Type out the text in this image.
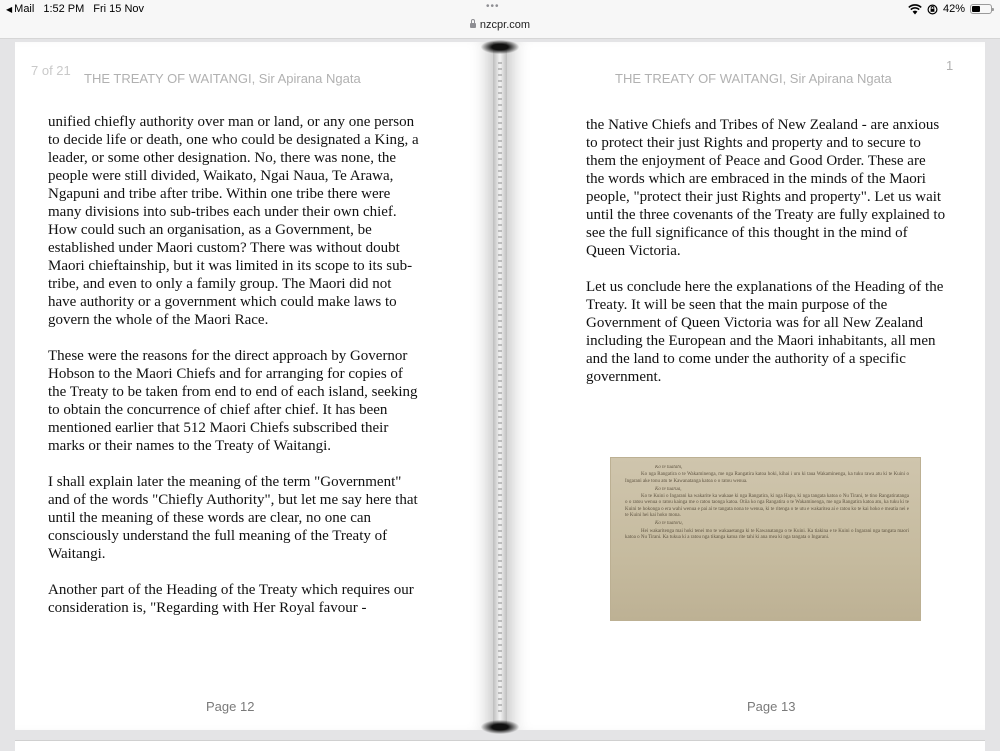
◀ Mail 1:52 PM Fri 15 Nov	•••
nzcpr.com
42%
7 of 21
THE TREATY OF WAITANGI, Sir Apirana Ngata	THE TREATY OF WAITANGI, Sir Apirana Ngata
1

unified chiefly authority over man or land, or any one person to decide life or death, one who could be designated a King, a leader, or some other designation. No, there was none, the people were still divided, Waikato, Ngai Naua, Te Arawa, Ngapuni and tribe after tribe. Within one tribe there were many divisions into sub-tribes each under their own chief. How could such an organisation, as a Government, be established under Maori custom? There was without doubt Maori chieftainship, but it was limited in its scope to its sub-tribe, and even to only a family group. The Maori did not have authority or a government which could make laws to govern the whole of the Maori Race.

These were the reasons for the direct approach by Governor Hobson to the Maori Chiefs and for arranging for copies of the Treaty to be taken from end to end of each island, seeking to obtain the concurrence of chief after chief. It has been mentioned earlier that 512 Maori Chiefs subscribed their marks or their names to the Treaty of Waitangi.

I shall explain later the meaning of the term "Government" and of the words "Chiefly Authority", but let me say here that until the meaning of these words are clear, no one can consciously understand the full meaning of the Treaty of Waitangi.

Another part of the Heading of the Treaty which requires our consideration is, "Regarding with Her Royal favour -

the Native Chiefs and Tribes of New Zealand - are anxious to protect their just Rights and property and to secure to them the enjoyment of Peace and Good Order. These are the words which are embraced in the minds of the Maori people, "protect their just Rights and property". Let us wait until the three covenants of the Treaty are fully explained to see the full significance of this thought in the mind of Queen Victoria.

Let us conclude here the explanations of the Heading of the Treaty. It will be seen that the main purpose of the Government of Queen Victoria was for all New Zealand including the European and the Maori inhabitants, all men and the land to come under the authority of a specific government.

Ko te tuatahi,
Ko nga Rangatira o te Wakaminenga, me nga Rangatira katoa hoki, kihai i uru ki taua Wakaminenga, ka tuku rawa atu ki te Kuini o Ingarani ake tonu atu te Kawanatanga katoa o o ratou wenua.
Ko te tuarua,
Ko te Kuini o Ingarani ka wakarite ka wakaae ki nga Rangatira, ki nga Hapu, ki nga tangata katoa o Nu Tirani, te tino Rangatiratanga o o ratou wenua o ratou kainga me o ratou taonga katoa. Otiia ko nga Rangatira o te Wakaminenga, me nga Rangatira katoa atu, ka tuku ki te Kuini te hokonga o era wahi wenua e pai ai te tangata nona te wenua, ki te ritenga o te utu e wakaritea ai e ratou ko te kai hoko e meatia nei e te Kuini hei kai hoko mona.
Ko te tuatoru,
Hei wakaritenga mai hoki tenei mo te wakaaetanga ki te Kawanatanga o te Kuini. Ka tiakina e te Kuini o Ingarani nga tangata maori katoa o Nu Tirani. Ka tukua ki a ratou nga tikanga katoa rite tahi ki ana mea ki nga tangata o Ingarani.
Page 12	Page 13
